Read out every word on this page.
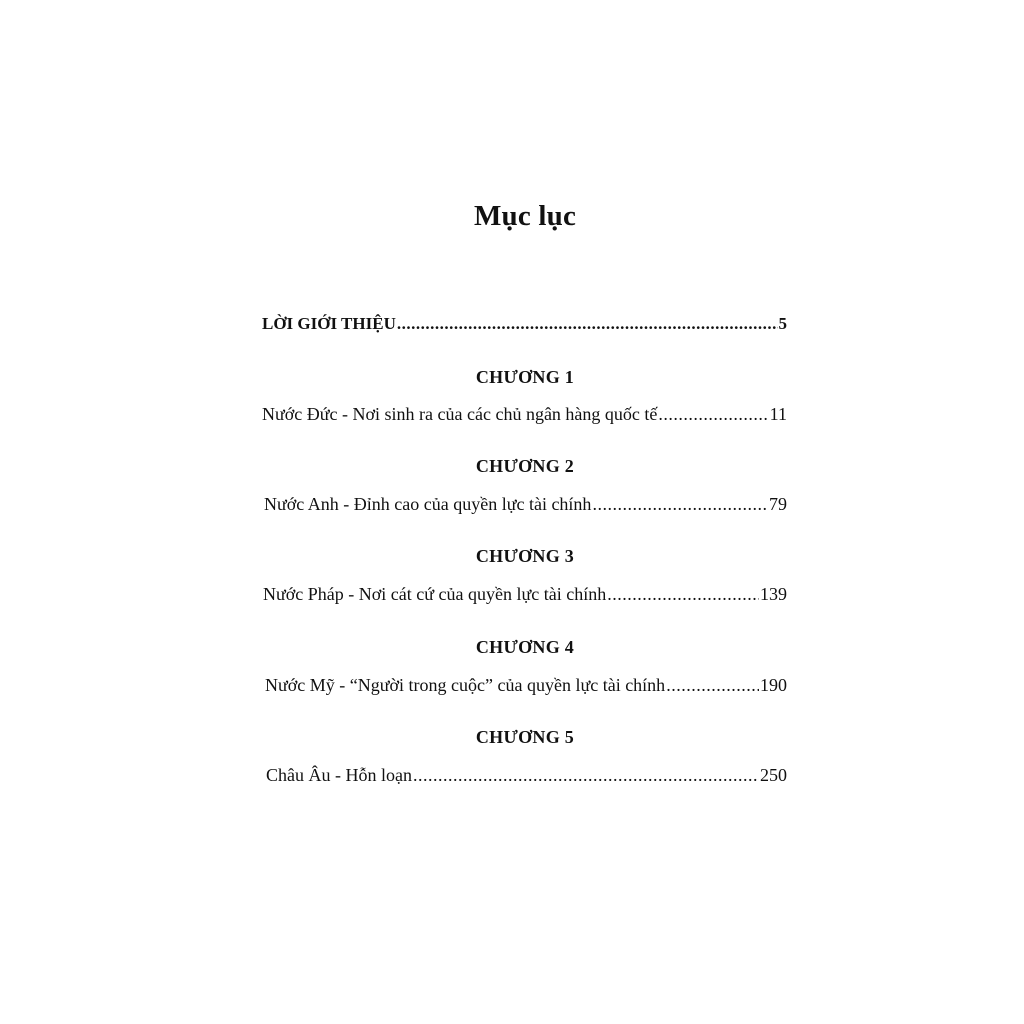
Mục lục
LỜI GIỚI THIỆU .....	5
CHƯƠNG 1
Nước Đức - Nơi sinh ra của các chủ ngân hàng quốc tế .....	11
CHƯƠNG 2
Nước Anh - Đỉnh cao của quyền lực tài chính .....	79
CHƯƠNG 3
Nước Pháp - Nơi cát cứ của quyền lực tài chính .....	139
CHƯƠNG 4
Nước Mỹ - “Người trong cuộc” của quyền lực tài chính .....	190
CHƯƠNG 5
Châu Âu - Hỗn loạn .....	250
